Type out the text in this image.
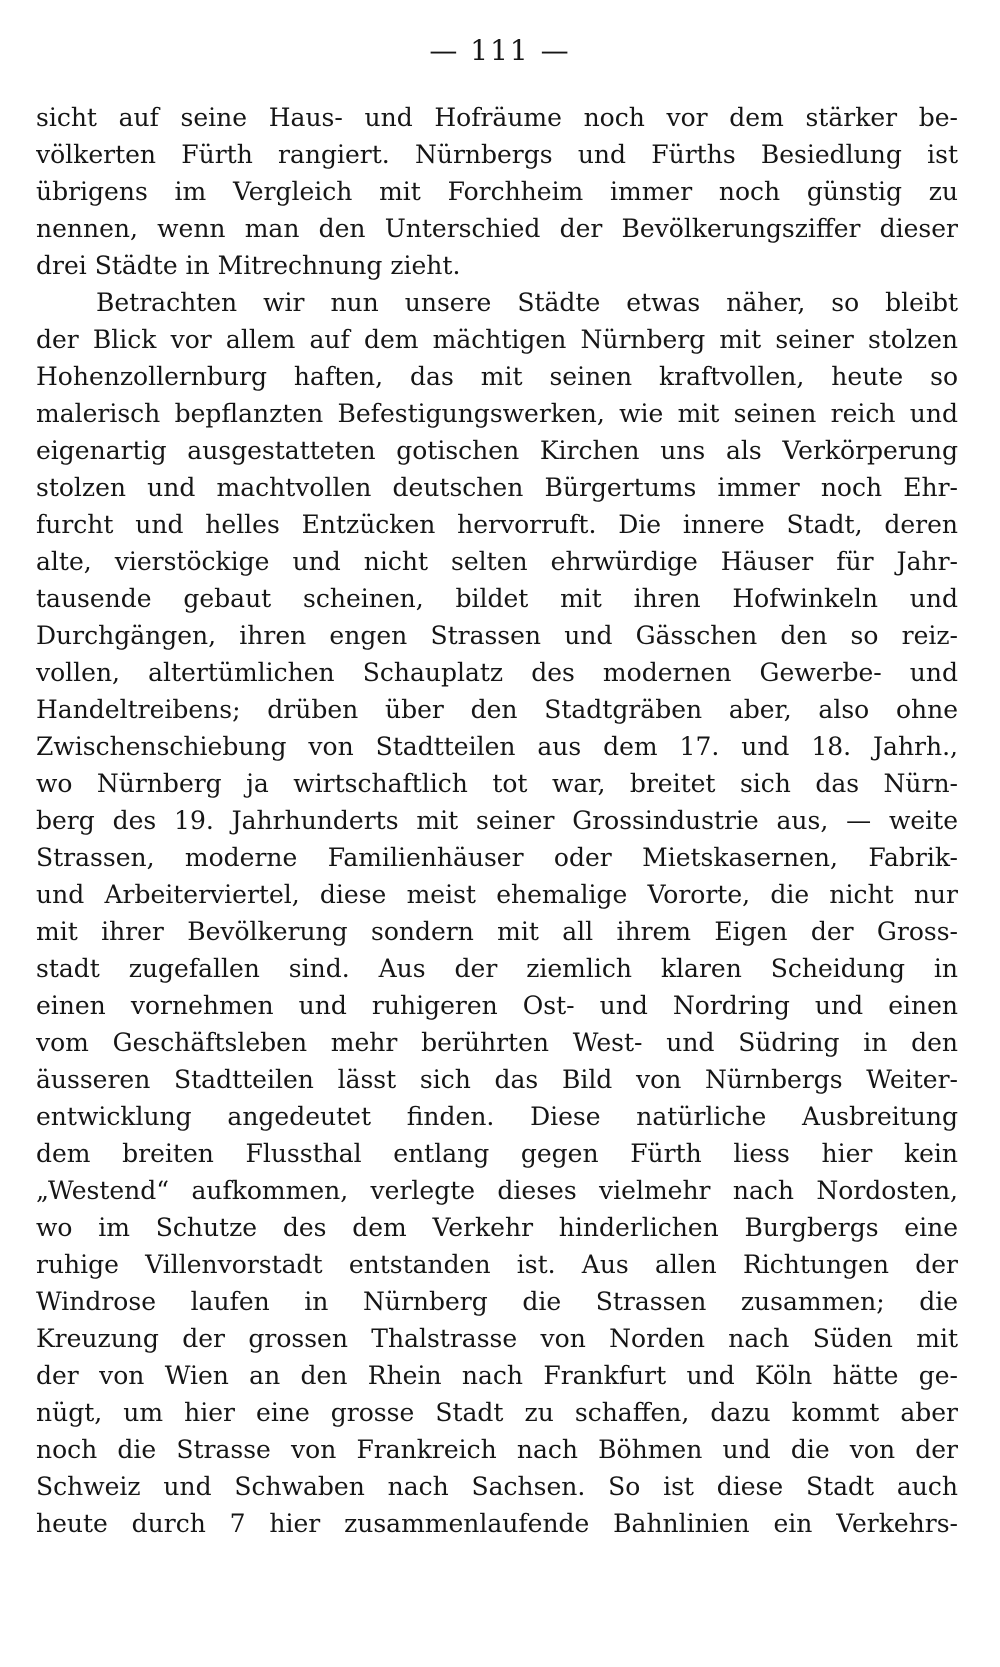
— 111 —
sicht auf seine Haus- und Hofräume noch vor dem stärker be-
völkerten Fürth rangiert. Nürnbergs und Fürths Besiedlung ist
übrigens im Vergleich mit Forchheim immer noch günstig zu
nennen, wenn man den Unterschied der Bevölkerungsziffer dieser
drei Städte in Mitrechnung zieht.
Betrachten wir nun unsere Städte etwas näher, so bleibt
der Blick vor allem auf dem mächtigen Nürnberg mit seiner stolzen
Hohenzollernburg haften, das mit seinen kraftvollen, heute so
malerisch bepflanzten Befestigungswerken, wie mit seinen reich und
eigenartig ausgestatteten gotischen Kirchen uns als Verkörperung
stolzen und machtvollen deutschen Bürgertums immer noch Ehr-
furcht und helles Entzücken hervorruft. Die innere Stadt, deren
alte, vierstöckige und nicht selten ehrwürdige Häuser für Jahr-
tausende gebaut scheinen, bildet mit ihren Hofwinkeln und
Durchgängen, ihren engen Strassen und Gässchen den so reiz-
vollen, altertümlichen Schauplatz des modernen Gewerbe- und
Handeltreibens; drüben über den Stadtgräben aber, also ohne
Zwischenschiebung von Stadtteilen aus dem 17. und 18. Jahrh.,
wo Nürnberg ja wirtschaftlich tot war, breitet sich das Nürn-
berg des 19. Jahrhunderts mit seiner Grossindustrie aus, — weite
Strassen, moderne Familienhäuser oder Mietskasernen, Fabrik-
und Arbeiterviertel, diese meist ehemalige Vororte, die nicht nur
mit ihrer Bevölkerung sondern mit all ihrem Eigen der Gross-
stadt zugefallen sind. Aus der ziemlich klaren Scheidung in
einen vornehmen und ruhigeren Ost- und Nordring und einen
vom Geschäftsleben mehr berührten West- und Südring in den
äusseren Stadtteilen lässt sich das Bild von Nürnbergs Weiter-
entwicklung angedeutet finden. Diese natürliche Ausbreitung
dem breiten Flussthal entlang gegen Fürth liess hier kein
„Westend“ aufkommen, verlegte dieses vielmehr nach Nordosten,
wo im Schutze des dem Verkehr hinderlichen Burgbergs eine
ruhige Villenvorstadt entstanden ist. Aus allen Richtungen der
Windrose laufen in Nürnberg die Strassen zusammen; die
Kreuzung der grossen Thalstrasse von Norden nach Süden mit
der von Wien an den Rhein nach Frankfurt und Köln hätte ge-
nügt, um hier eine grosse Stadt zu schaffen, dazu kommt aber
noch die Strasse von Frankreich nach Böhmen und die von der
Schweiz und Schwaben nach Sachsen. So ist diese Stadt auch
heute durch 7 hier zusammenlaufende Bahnlinien ein Verkehrs-
